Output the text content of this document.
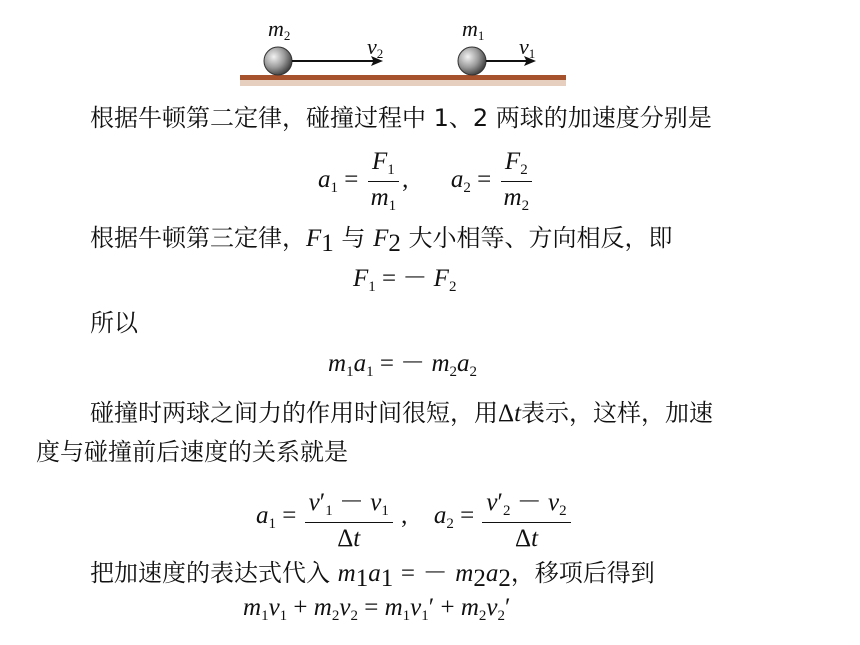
$m_2$	$v_2$
$m_1$ $v_1$
根据牛顿第二定律，碰撞过程中 1、2 两球的加速度分别是
$a_1 = \frac{F_1}{m_1}$ , $a_2 = \frac{F_2}{m_2}$
根据牛顿第三定律，$F_1$ 与 $F_2$ 大小相等、方向相反，即
$F_1$ = － $F_2$
所以
$m_1a_1$ = － $m_2a_2$
碰撞时两球之间力的作用时间很短，用Δt表示，这样，加速
度与碰撞前后速度的关系就是
$a_1 = \frac{v'_1 - v_1}{\Delta t}$ , $a_2 = \frac{v'_2 - v_2}{\Delta t}$
把加速度的表达式代入 $m_1a_1$ = － $m_2a_2$，移项后得到
$m_1v_1 + m_2v_2 = m_1v_1' + m_2v_2'$
